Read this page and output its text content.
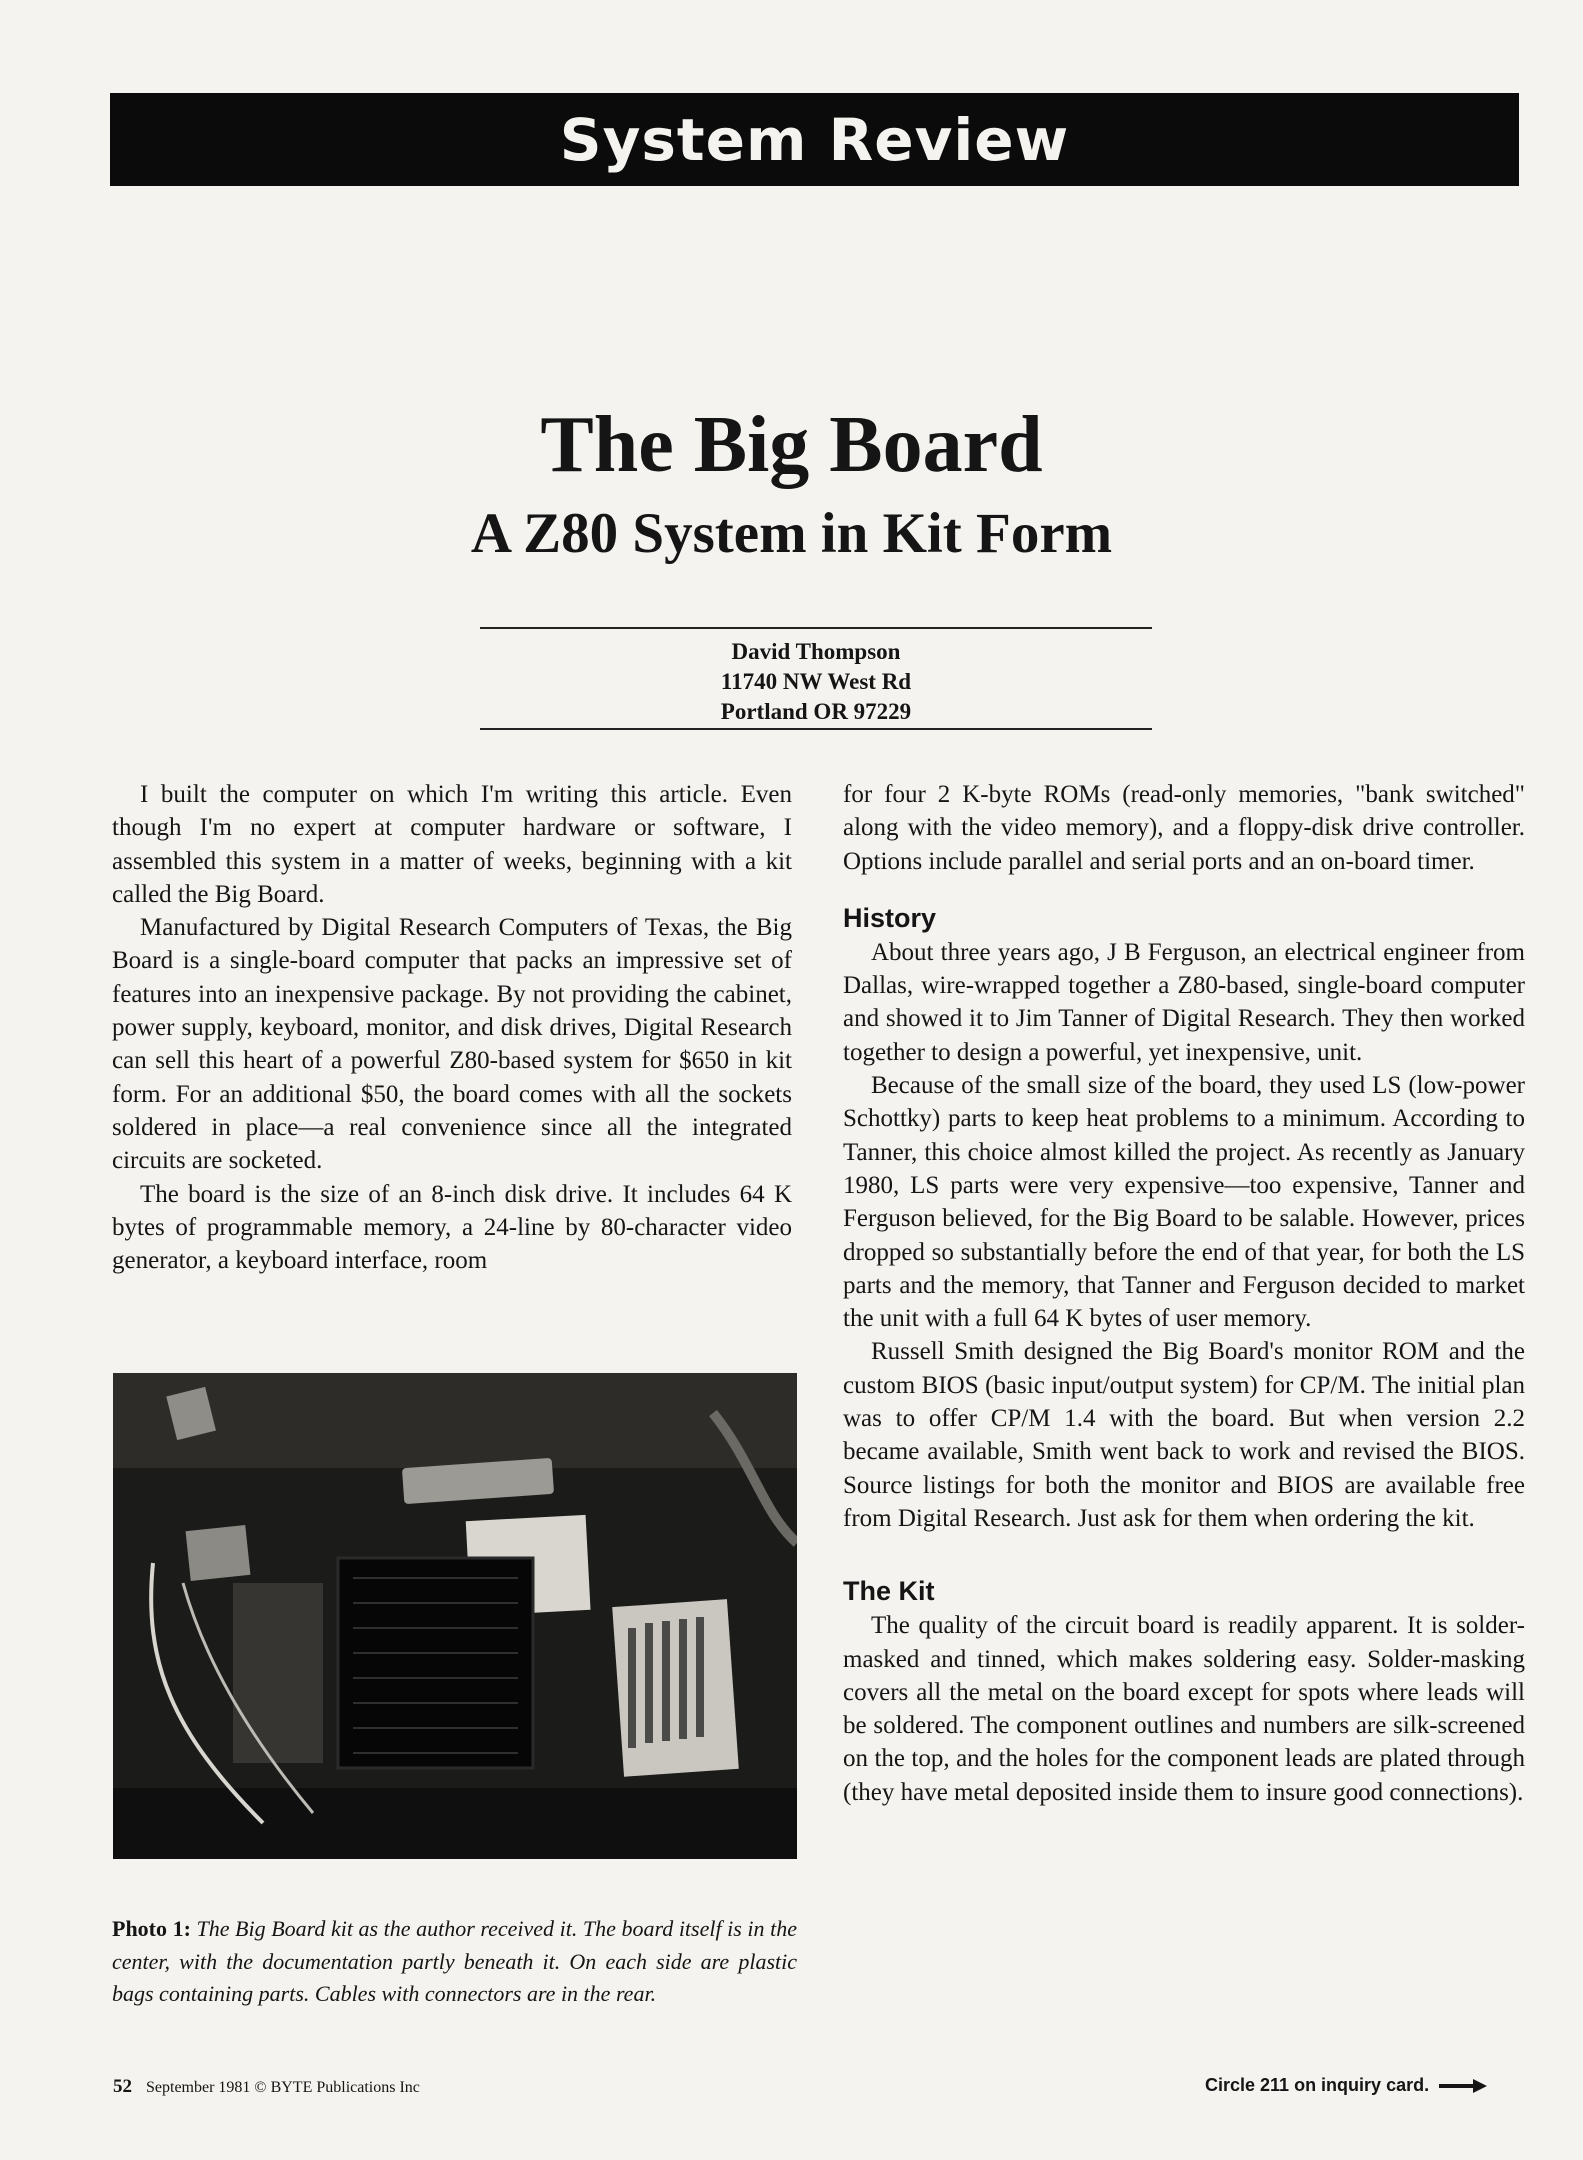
System Review
The Big Board
A Z80 System in Kit Form
David Thompson
11740 NW West Rd
Portland OR 97229

I built the computer on which I'm writing this article. Even though I'm no expert at computer hardware or software, I assembled this system in a matter of weeks, beginning with a kit called the Big Board.

Manufactured by Digital Research Computers of Texas, the Big Board is a single-board computer that packs an impressive set of features into an inexpensive package. By not providing the cabinet, power supply, keyboard, monitor, and disk drives, Digital Research can sell this heart of a powerful Z80-based system for $650 in kit form. For an additional $50, the board comes with all the sockets soldered in place—a real convenience since all the integrated circuits are socketed.

The board is the size of an 8-inch disk drive. It includes 64 K bytes of programmable memory, a 24-line by 80-character video generator, a keyboard interface, room

Photo 1: The Big Board kit as the author received it. The board itself is in the center, with the documentation partly beneath it. On each side are plastic bags containing parts. Cables with connectors are in the rear.

for four 2 K-byte ROMs (read-only memories, "bank switched" along with the video memory), and a floppy-disk drive controller. Options include parallel and serial ports and an on-board timer.

History

About three years ago, J B Ferguson, an electrical engineer from Dallas, wire-wrapped together a Z80-based, single-board computer and showed it to Jim Tanner of Digital Research. They then worked together to design a powerful, yet inexpensive, unit.

Because of the small size of the board, they used LS (low-power Schottky) parts to keep heat problems to a minimum. According to Tanner, this choice almost killed the project. As recently as January 1980, LS parts were very expensive—too expensive, Tanner and Ferguson believed, for the Big Board to be salable. However, prices dropped so substantially before the end of that year, for both the LS parts and the memory, that Tanner and Ferguson decided to market the unit with a full 64 K bytes of user memory.

Russell Smith designed the Big Board's monitor ROM and the custom BIOS (basic input/output system) for CP/M. The initial plan was to offer CP/M 1.4 with the board. But when version 2.2 became available, Smith went back to work and revised the BIOS. Source listings for both the monitor and BIOS are available free from Digital Research. Just ask for them when ordering the kit.

The Kit

The quality of the circuit board is readily apparent. It is solder-masked and tinned, which makes soldering easy. Solder-masking covers all the metal on the board except for spots where leads will be soldered. The component outlines and numbers are silk-screened on the top, and the holes for the component leads are plated through (they have metal deposited inside them to insure good connections).

52 September 1981 © BYTE Publications Inc	Circle 211 on inquiry card.
